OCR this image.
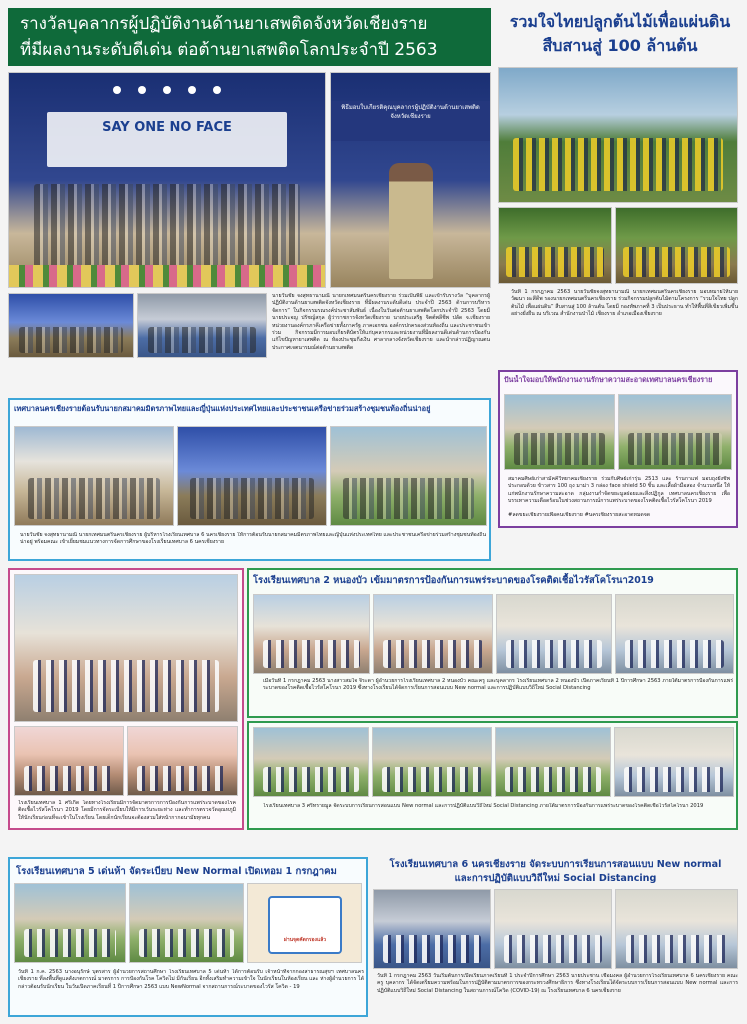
รางวัลบุคลากรผู้ปฏิบัติงานด้านยาเสพติดจังหวัดเชียงราย
ที่มีผลงานระดับดีเด่น ต่อต้านยาเสพติดโลกประจำปี 2563
รวมใจไทยปลูกต้นไม้เพื่อแผ่นดิน
สืบสานสู่ 100 ล้านต้น
SAY ONE NO FACE

พิธีมอบใบเกียรติคุณบุคลากรผู้ปฏิบัติงานด้านยาเสพติดจังหวัดเชียงราย
นายวันชัย จงสุทธานามณี นายกเทศมนตรีนครเชียงราย ร่วมเป็นพิธี และเข้ารับรางวัล “บุคลากรผู้ปฏิบัติงานด้านยาเสพติดจังหวัดเชียงราย ที่มีผลงานระดับดีเด่น ประจำปี 2563 ด้านการบริหารจัดการ” ในกิจกรรมรณรงค์ประชาสัมพันธ์ เนื่องในวันต่อต้านยาเสพติดโลกประจำปี 2563 โดยมี นายประจญ ปรัชญ์สกุล ผู้ว่าราชการจังหวัดเชียงราย นายประเสริฐ จิตต์พลีชีพ ปลัด จ.เชียงราย หน่วยงานองค์กรภาคีเครือข่ายทั้งภาครัฐ ภาคเอกชน องค์กรปกครองส่วนท้องถิ่น และประชาชนเข้าร่วม กิจกรรมมีการมอบเกียรติบัตรให้แก่บุคลากรและหน่วยงานที่มีผลงานดีเด่นด้านการป้องกันแก้ไขปัญหายาเสพติด ณ ห้องประชุมกิ่งเงิน ศาลากลางจังหวัดเชียงราย และนำกล่าวปฏิญาณตนประกาศเจตนารมณ์ต่อต้านยาเสพติด
วันที่ 1 กรกฎาคม 2563 นายวันชัยจงสุทธานามณี นายกเทศมนตรีนครเชียงราย มอบหมายให้นายวัฒนา ผะสีดีพ รองนายกเทศมนตรีนครเชียงราย ร่วมกิจกรรมปลูกต้นไม้ตามโครงการ “รวมใจไทย ปลูกต้นไม้ เพื่อแผ่นดิน” สืบสานสู่ 100 ล้านต้น โดยมี กองทัพภาคที่ 3 เป็นประธาน ทำให้พื้นที่สีเขียวเพิ่มขึ้นอย่างยั่งยืน ณ บริเวณ สำนักงานป่าไม้ เชียงราย อำเภอเมืองเชียงราย
ปันน้ำใจมอบให้พนักงานงานรักษาความสะอาดเทศบาลนครเชียงราย
สมาคมศิษย์เก่าสามัคคีวิทยาคมเชียงราย ร่วมกับศิษย์เก่ารุ่น 2513 และ ร้านกาแฟ มอบถุงยังชีพ ประกอบด้วย ข้าวสาร 100 ถุง มาม่า 3 กล่อง face shield 50 ชิ้น และเสื้อผ้ามือสอง จำนวนหนึ่ง ให้แก่พนักงานรักษาความสะอาด กลุ่มงานกำจัดขยะมูลฝอยและสิ่งปฏิกูล เทศบาลนครเชียงราย เพื่อบรรเทาความเดือดร้อนในช่วงสถานการณ์การแพร่ระบาดของโรคติดเชื้อไวรัสโคโรนา 2019
#ลดขยะเชียงรายเพื่อคนเชียงราย #นครเชียงรายสะอาดหมดจด
เทศบาลนครเชียงรายต้อนรับนายกสมาคมมิตรภาพไทยและญี่ปุ่นแห่งประเทศไทยและประชาชนเครือข่ายร่วมสร้างชุมชนท้องถิ่นน่าอยู่
นายวันชัย จงสุทธานามณี นายกเทศมนตรีนครเชียงราย ผู้บริหารโรงเรียนเทศบาล 6 นครเชียงราย ให้การต้อนรับนายกสมาคมมิตรภาพไทยและญี่ปุ่นแห่งประเทศไทย และประชาชนเครือข่ายร่วมสร้างชุมชนท้องถิ่นน่าอยู่ พร้อมคณะ เข้าเยี่ยมชมแนวทางการจัดการศึกษาของโรงเรียนเทศบาล 6 นครเชียงราย
โรงเรียนเทศบาล 1 ศรีเกิด โดยทางโรงเรียนมีการจัดมาตรการการป้องกันการแพร่ระบาดของโรคติดเชื้อไวรัสโคโรนา 2019 โดยมีการจัดระเบียบให้มีการเว้นระยะห่าง และทำการตรวจวัดอุณหภูมิให้นักเรียนก่อนที่จะเข้าในโรงเรียน โดยเด็กนักเรียนจะต้องสวมใส่หน้ากากอนามัยทุกคน
โรงเรียนเทศบาล 2 หนองบัว เข้มมาตรการป้องกันการแพร่ระบาดของโรคติดเชื้อไวรัสโคโรนา2019
เมื่อวันที่ 1 กรกฎาคม 2563 นางสาวสมใจ จิระดา ผู้อำนวยการโรงเรียนเทศบาล 2 หนองบัว คณะครู และบุคลากร โรงเรียนเทศบาล 2 หนองบัว เปิดภาคเรียนที่ 1 ปีการศึกษา 2563 ภายใต้มาตรการป้องกันการแพร่ระบาดของโรคติดเชื้อไวรัสโคโรนา 2019 ซึ่งทางโรงเรียนได้จัดการเรียนการสอนแบบ New normal และการปฏิบัติแบบวิถีใหม่ Social Distancing
โรงเรียนเทศบาล 3 ศรีทรายมูล จัดระบบการเรียนการสอนแบบ New normal และการปฏิบัติแบบวิถีใหม่ Social Distancing ภายใต้มาตรการป้องกันการแพร่ระบาดของโรคติดเชื้อไวรัสโคโรนา 2019
โรงเรียนเทศบาล 5 เด่นห้า จัดระเบียบ New Normal เปิดเทอม 1 กรกฎาคม
ผ่านจุดคัดกรองแล้ว
วันที่ 1 ก.ค. 2563 นางอนุรักษ์ บุตรสาร ผู้อำนวยการสถานศึกษา โรงเรียนเทศบาล 5 เด่นห้า ได้การต้อนรับ เจ้าหน้าที่จากกองสาธารณสุขฯ เทศบาลนครเชียงราย ที่ลงพื้นที่ดูแลสังเกตการณ์ มาตรการ การป้องกันโรค โควิดไม่ มีกันเรียน อีกทั้งเสริมทำความเข้าใจ ในนักเรียนในห้องเรียน และ ห่างผู้อำนวยการ ได้กล่าวต้อนรับนักเรียน ในวันเปิดภาคเรียนที่ 1 ปีการศึกษา 2563 แบบ NewNormal จากสถานการณ์ระบาดของไวรัส โควิด - 19
โรงเรียนเทศบาล 6 นครเชียงราย จัดระบบการเรียนการสอนแบบ New normal
และการปฏิบัติแบบวิถีใหม่ Social Distancing
วันที่ 1 กรกฎาคม 2563 วันเริ่มต้นการเปิดเรียนภาคเรียนที่ 1 ประจำปีการศึกษา 2563 นายประชาน เชื้อมงคล ผู้อำนวยการโรงเรียนเทศบาล 6 นครเชียงราย คณะครู บุคลากร ได้จัดเตรียมความพร้อมในการปฏิบัติตามมาตรการของกระทรวงศึกษาธิการ ซึ่งทางโรงเรียนได้จัดระบบการเรียนการสอนแบบ New normal และการปฏิบัติแบบวิถีใหม่ Social Distancing ในสถานการณ์โควิด (COVID-19) ณ โรงเรียนเทศบาล 6 นครเชียงราย
